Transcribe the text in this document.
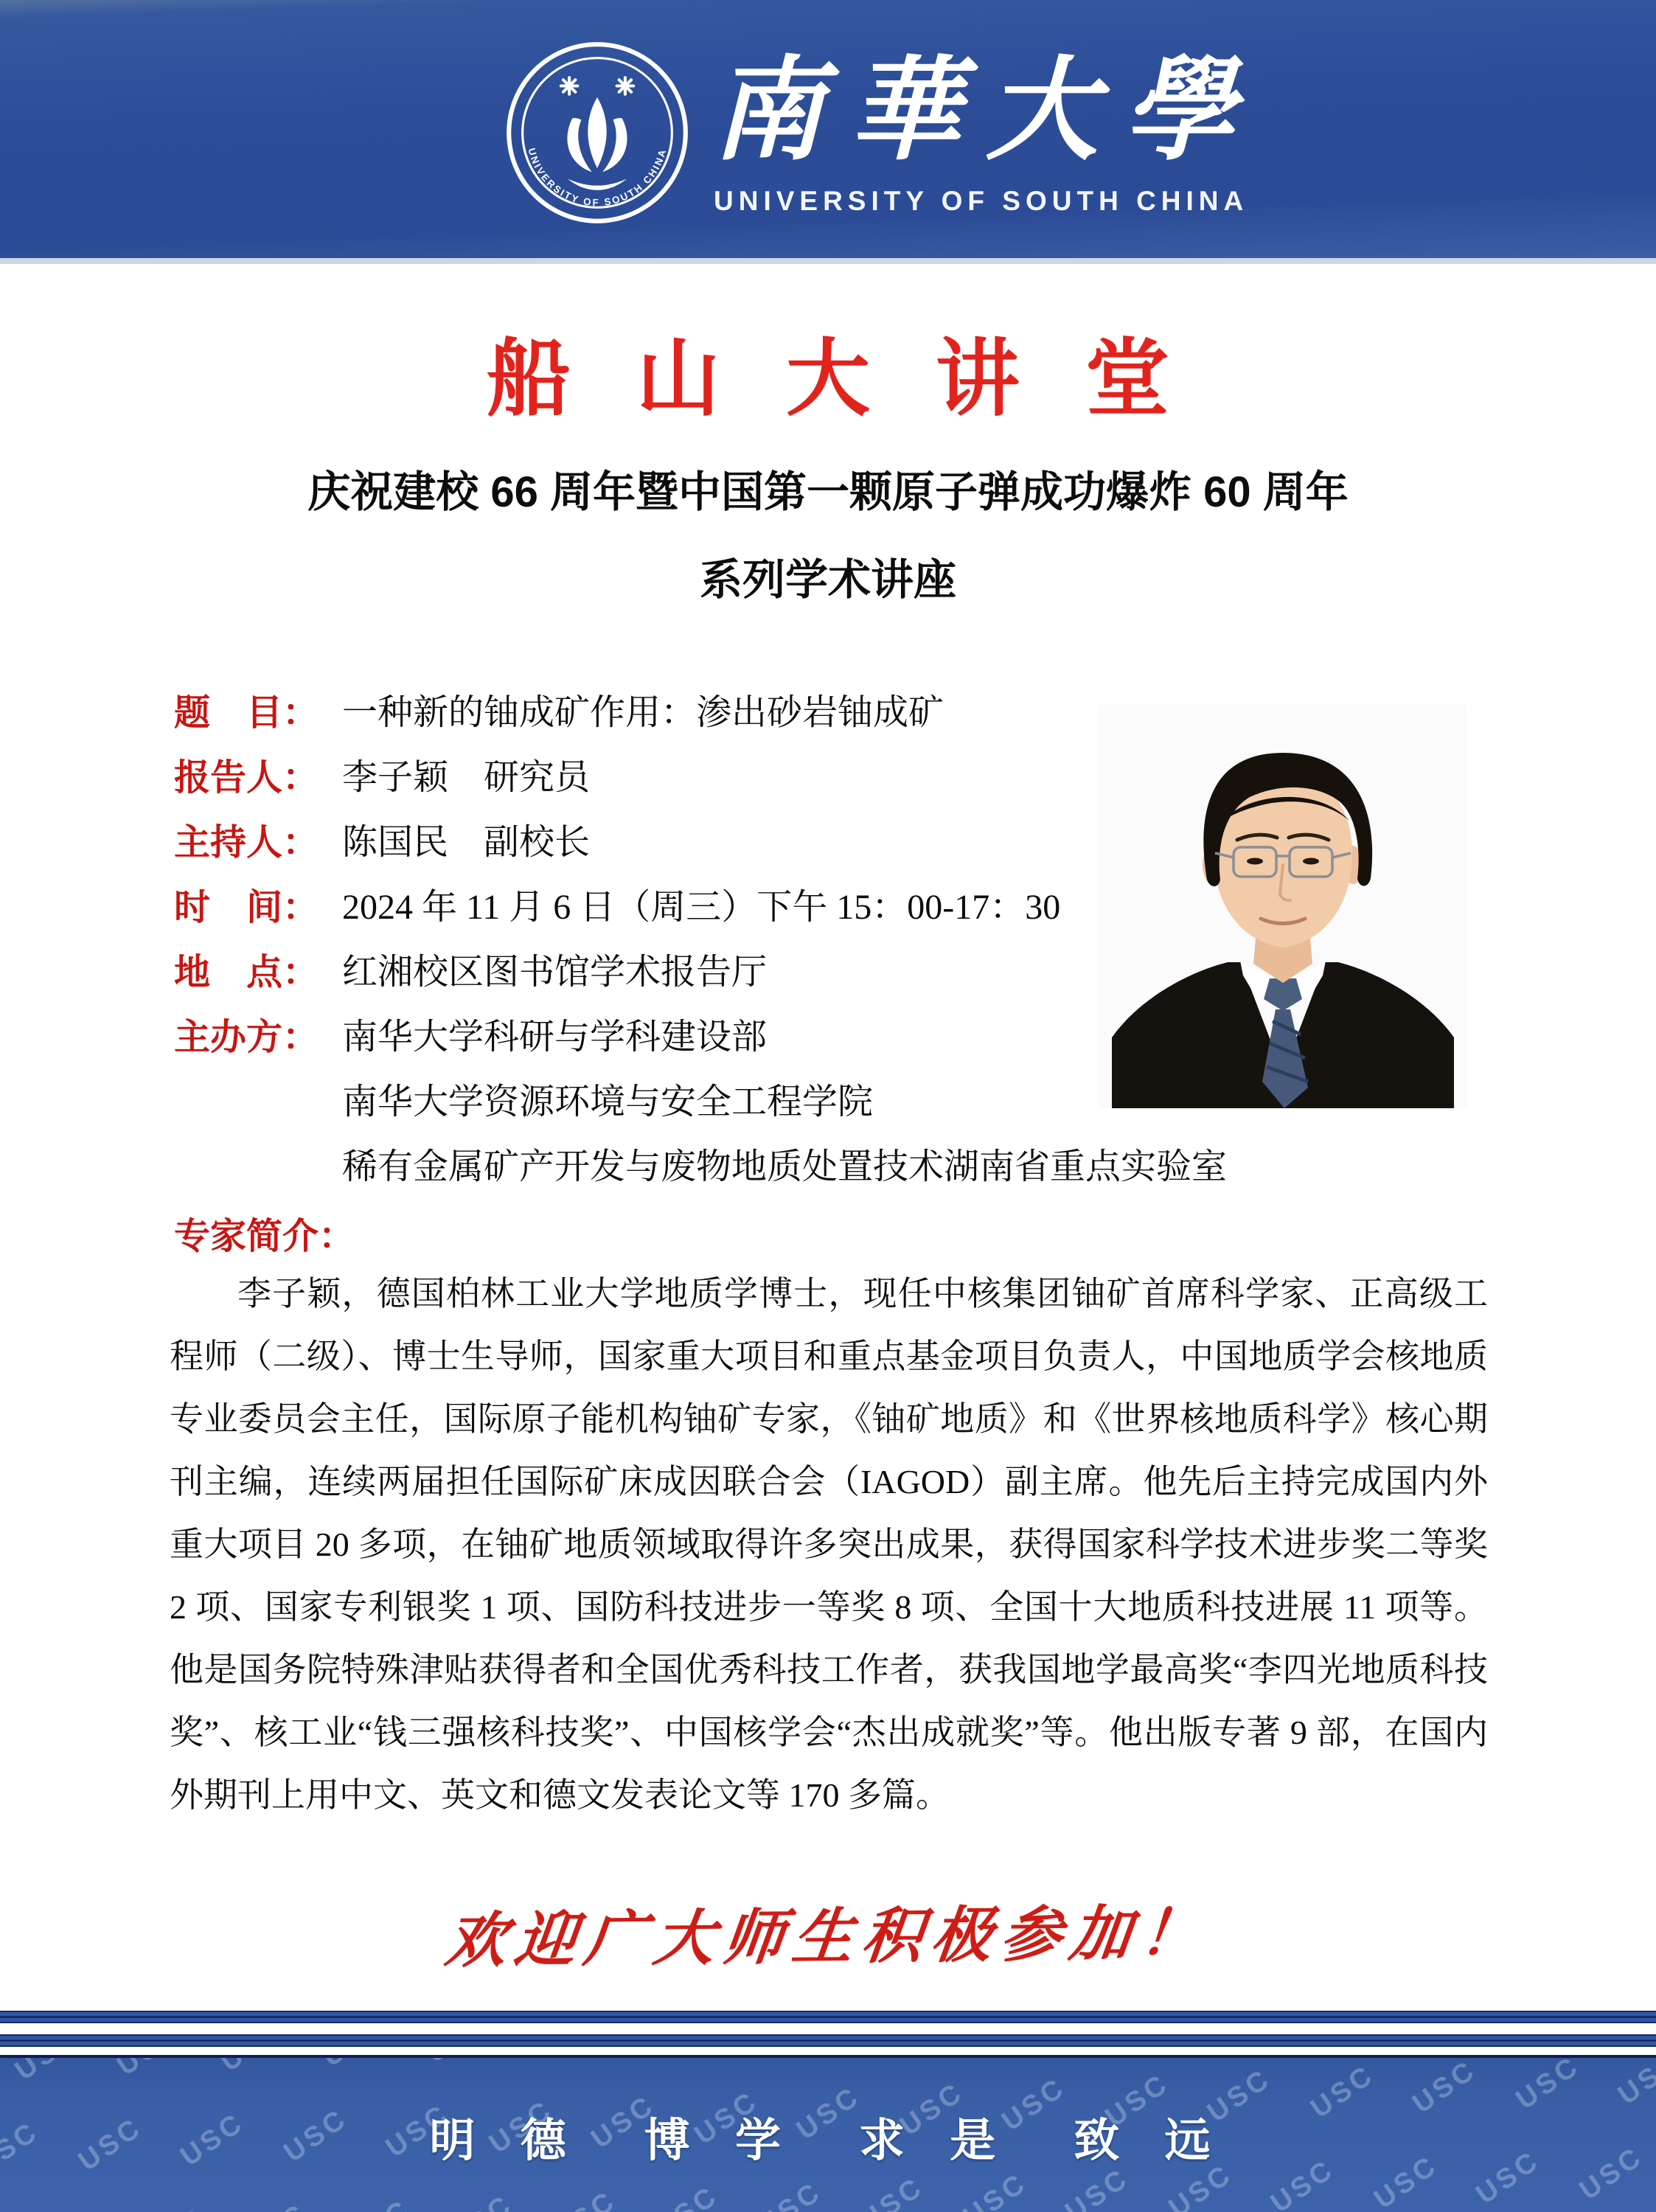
UNIVERSITY OF SOUTH CHINA 南華大學
UNIVERSITY OF SOUTH CHINA
船山大讲堂
庆祝建校 66 周年暨中国第一颗原子弹成功爆炸 60 周年
系列学术讲座
题　目： 一种新的铀成矿作用：渗出砂岩铀成矿
报告人： 李子颖　研究员
主持人： 陈国民　副校长
时　间： 2024 年 11 月 6 日（周三）下午 15：00-17：30
地　点： 红湘校区图书馆学术报告厅
主办方： 南华大学科研与学科建设部
南华大学资源环境与安全工程学院
稀有金属矿产开发与废物地质处置技术湖南省重点实验室
专家简介：
李子颖，德国柏林工业大学地质学博士，现任中核集团铀矿首席科学家、正高级工程师（二级）、博士生导师，国家重大项目和重点基金项目负责人，中国地质学会核地质专业委员会主任，国际原子能机构铀矿专家，《铀矿地质》和《世界核地质科学》核心期刊主编，连续两届担任国际矿床成因联合会（IAGOD）副主席。他先后主持完成国内外重大项目 20 多项，在铀矿地质领域取得许多突出成果，获得国家科学技术进步奖二等奖 2 项、国家专利银奖 1 项、国防科技进步一等奖 8 项、全国十大地质科技进展 11 项等。他是国务院特殊津贴获得者和全国优秀科技工作者，获我国地学最高奖“李四光地质科技奖”、核工业“钱三强核科技奖”、中国核学会“杰出成就奖”等。他出版专著 9 部，在国内外期刊上用中文、英文和德文发表论文等 170 多篇。
欢迎广大师生积极参加！
明 德　博 学　求 是　致 远
